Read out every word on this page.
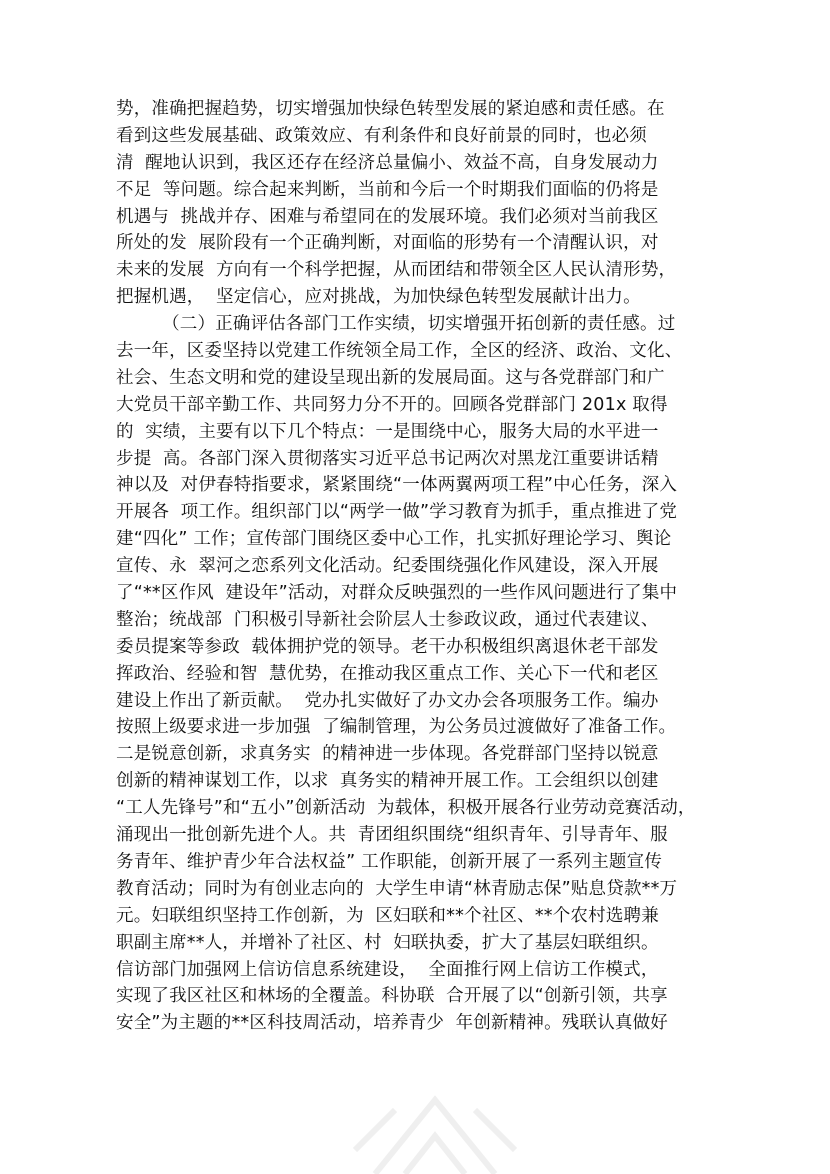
势，准确把握趋势，切实增强加快绿色转型发展的紧迫感和责任感。在
看到这些发展基础、政策效应、有利条件和良好前景的同时，也必须
清  醒地认识到，我区还存在经济总量偏小、效益不高，自身发展动力
不足  等问题。综合起来判断，当前和今后一个时期我们面临的仍将是
机遇与  挑战并存、困难与希望同在的发展环境。我们必须对当前我区
所处的发  展阶段有一个正确判断，对面临的形势有一个清醒认识，对
未来的发展  方向有一个科学把握，从而团结和带领全区人民认清形势，
把握机遇，  坚定信心，应对挑战，为加快绿色转型发展献计出力。
（二）正确评估各部门工作实绩，切实增强开拓创新的责任感。过
去一年，区委坚持以党建工作统领全局工作，全区的经济、政治、文化、
社会、生态文明和党的建设呈现出新的发展局面。这与各党群部门和广
大党员干部辛勤工作、共同努力分不开的。回顾各党群部门 201x 取得
的  实绩，主要有以下几个特点：一是围绕中心，服务大局的水平进一
步提  高。各部门深入贯彻落实习近平总书记两次对黑龙江重要讲话精
神以及  对伊春特指要求，紧紧围绕“一体两翼两项工程”中心任务，深入
开展各  项工作。组织部门以“两学一做”学习教育为抓手，重点推进了党
建“四化” 工作；宣传部门围绕区委中心工作，扎实抓好理论学习、舆论
宣传、永  翠河之恋系列文化活动。纪委围绕强化作风建设，深入开展
了“**区作风  建设年”活动，对群众反映强烈的一些作风问题进行了集中
整治；统战部  门积极引导新社会阶层人士参政议政，通过代表建议、
委员提案等参政  载体拥护党的领导。老干办积极组织离退休老干部发
挥政治、经验和智  慧优势，在推动我区重点工作、关心下一代和老区
建设上作出了新贡献。  党办扎实做好了办文办会各项服务工作。编办
按照上级要求进一步加强  了编制管理，为公务员过渡做好了准备工作。
二是锐意创新，求真务实  的精神进一步体现。各党群部门坚持以锐意
创新的精神谋划工作，以求  真务实的精神开展工作。工会组织以创建
“工人先锋号”和“五小”创新活动  为载体，积极开展各行业劳动竞赛活动，
涌现出一批创新先进个人。共  青团组织围绕“组织青年、引导青年、服
务青年、维护青少年合法权益” 工作职能，创新开展了一系列主题宣传
教育活动；同时为有创业志向的  大学生申请“林青励志保”贴息贷款**万
元。妇联组织坚持工作创新，为  区妇联和**个社区、**个农村选聘兼
职副主席**人，并增补了社区、村  妇联执委，扩大了基层妇联组织。
信访部门加强网上信访信息系统建设，  全面推行网上信访工作模式，
实现了我区社区和林场的全覆盖。科协联  合开展了以“创新引领，共享
安全”为主题的**区科技周活动，培养青少  年创新精神。残联认真做好
